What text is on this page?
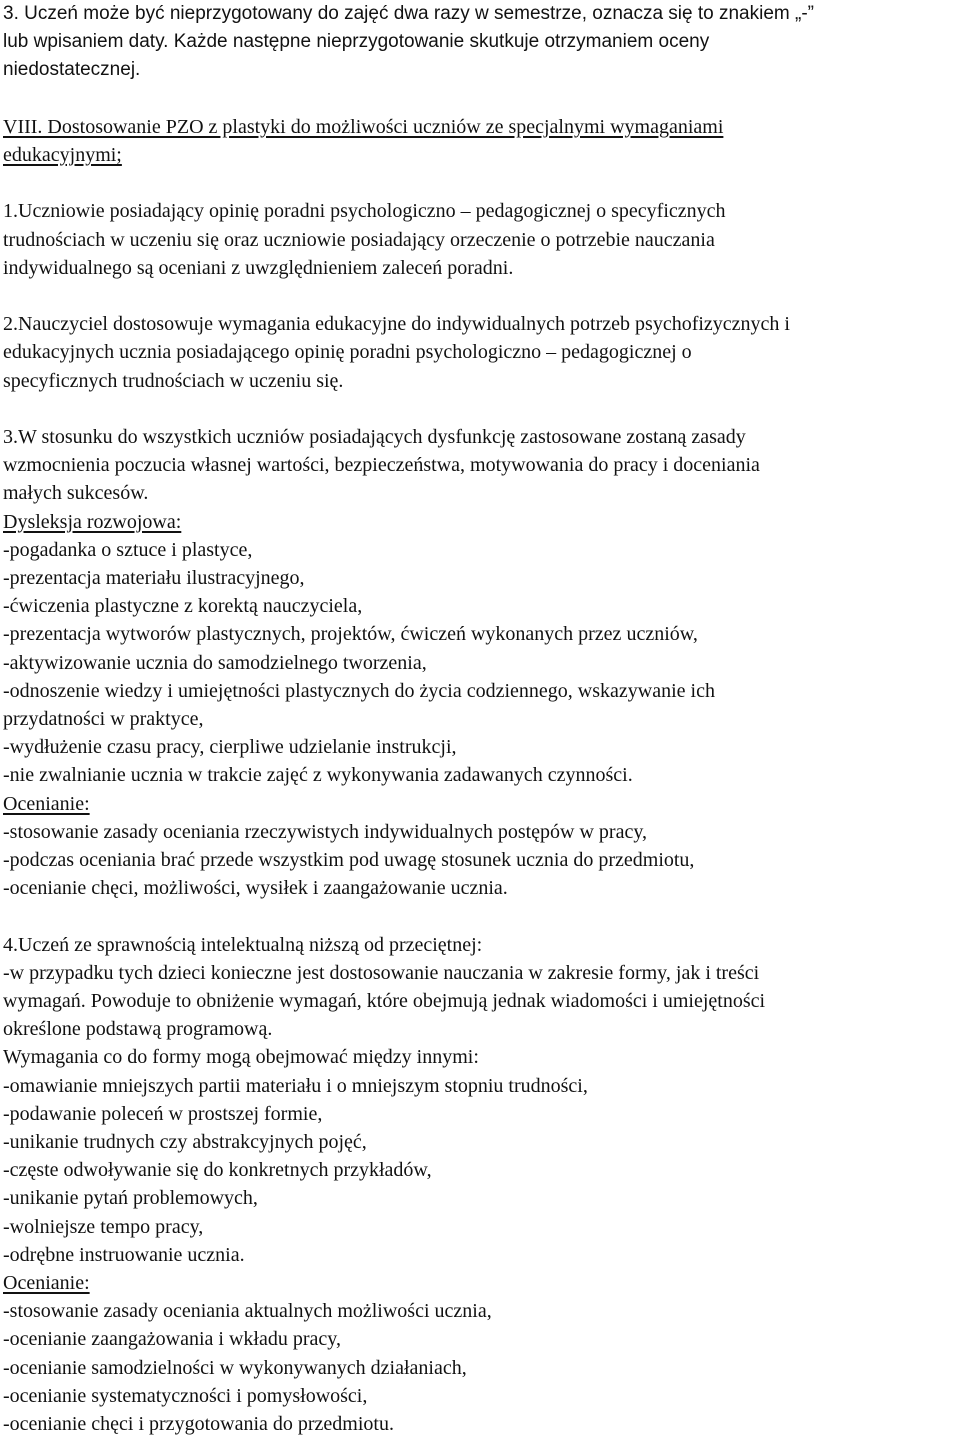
3. Uczeń może być nieprzygotowany do zajęć dwa razy w semestrze, oznacza się to znakiem „-”
lub wpisaniem daty. Każde następne nieprzygotowanie skutkuje otrzymaniem oceny
niedostatecznej.
VIII. Dostosowanie PZO z plastyki do możliwości uczniów ze specjalnymi wymaganiami
edukacyjnymi;
1.Uczniowie posiadający opinię poradni psychologiczno – pedagogicznej o specyficznych
trudnościach w uczeniu się oraz uczniowie posiadający orzeczenie o potrzebie nauczania
indywidualnego są oceniani z uwzględnieniem zaleceń poradni.
2.Nauczyciel dostosowuje wymagania edukacyjne do indywidualnych potrzeb psychofizycznych i
edukacyjnych ucznia posiadającego opinię poradni psychologiczno – pedagogicznej o
specyficznych trudnościach w uczeniu się.
3.W stosunku do wszystkich uczniów posiadających dysfunkcję zastosowane zostaną zasady
wzmocnienia poczucia własnej wartości, bezpieczeństwa, motywowania do pracy i doceniania
małych sukcesów.
Dysleksja rozwojowa:
-pogadanka o sztuce i plastyce,
-prezentacja materiału ilustracyjnego,
-ćwiczenia plastyczne z korektą nauczyciela,
-prezentacja wytworów plastycznych, projektów, ćwiczeń wykonanych przez uczniów,
-aktywizowanie ucznia do samodzielnego tworzenia,
-odnoszenie wiedzy i umiejętności plastycznych do życia codziennego, wskazywanie ich
przydatności w praktyce,
-wydłużenie czasu pracy, cierpliwe udzielanie instrukcji,
-nie zwalnianie ucznia w trakcie zajęć z wykonywania zadawanych czynności.
Ocenianie:
-stosowanie zasady oceniania rzeczywistych indywidualnych postępów w pracy,
-podczas oceniania brać przede wszystkim pod uwagę stosunek ucznia do przedmiotu,
-ocenianie chęci, możliwości, wysiłek i zaangażowanie ucznia.
4.Uczeń ze sprawnością intelektualną niższą od przeciętnej:
-w przypadku tych dzieci konieczne jest dostosowanie nauczania w zakresie formy, jak i treści
wymagań. Powoduje to obniżenie wymagań, które obejmują jednak wiadomości i umiejętności
określone podstawą programową.
Wymagania co do formy mogą obejmować między innymi:
-omawianie mniejszych partii materiału i o mniejszym stopniu trudności,
-podawanie poleceń w prostszej formie,
-unikanie trudnych czy abstrakcyjnych pojęć,
-częste odwoływanie się do konkretnych przykładów,
-unikanie pytań problemowych,
-wolniejsze tempo pracy,
-odrębne instruowanie ucznia.
Ocenianie:
-stosowanie zasady oceniania aktualnych możliwości ucznia,
-ocenianie zaangażowania i wkładu pracy,
-ocenianie samodzielności w wykonywanych działaniach,
-ocenianie systematyczności i pomysłowości,
-ocenianie chęci i przygotowania do przedmiotu.
